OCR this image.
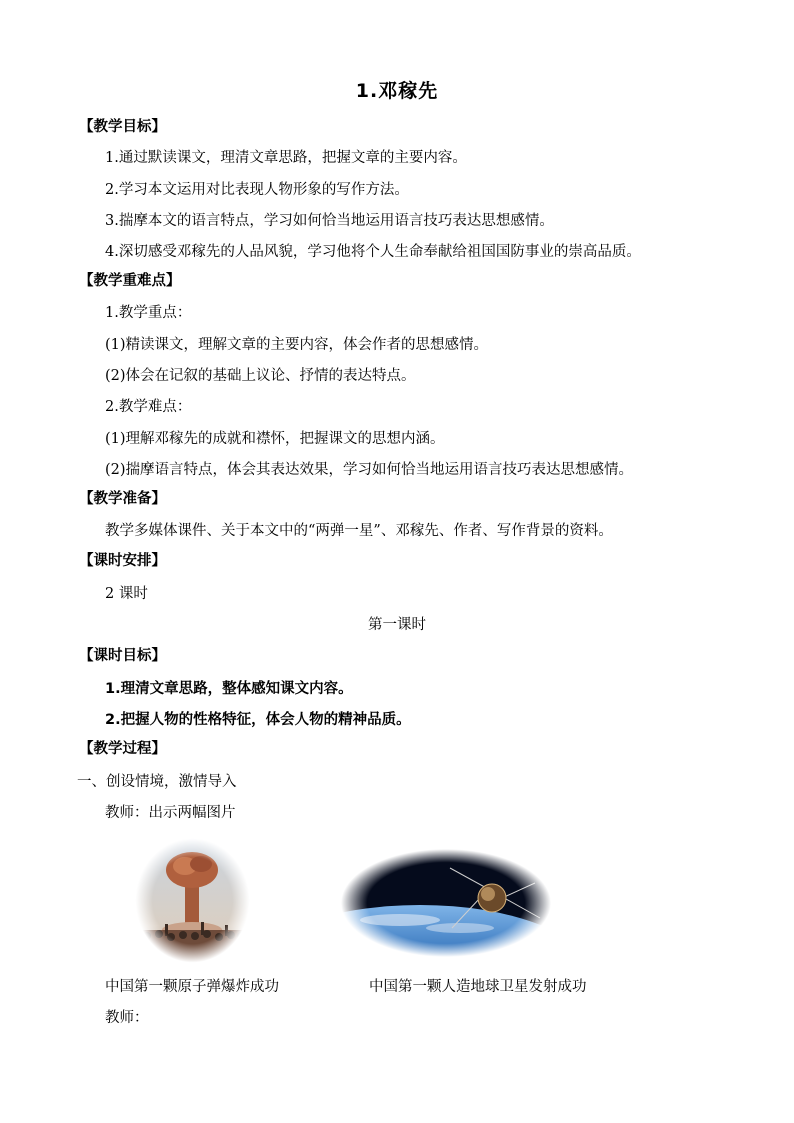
1.邓稼先
【教学目标】
1.通过默读课文，理清文章思路，把握文章的主要内容。
2.学习本文运用对比表现人物形象的写作方法。
3.揣摩本文的语言特点，学习如何恰当地运用语言技巧表达思想感情。
4.深切感受邓稼先的人品风貌，学习他将个人生命奉献给祖国国防事业的崇高品质。
【教学重难点】
1.教学重点：
(1)精读课文，理解文章的主要内容，体会作者的思想感情。
(2)体会在记叙的基础上议论、抒情的表达特点。
2.教学难点：
(1)理解邓稼先的成就和襟怀，把握课文的思想内涵。
(2)揣摩语言特点，体会其表达效果，学习如何恰当地运用语言技巧表达思想感情。
【教学准备】
教学多媒体课件、关于本文中的“两弹一星”、邓稼先、作者、写作背景的资料。
【课时安排】
2 课时
第一课时
【课时目标】
1.理清文章思路，整体感知课文内容。
2.把握人物的性格特征，体会人物的精神品质。
【教学过程】
一、创设情境，激情导入
教师：出示两幅图片
中国第一颗原子弹爆炸成功	中国第一颗人造地球卫星发射成功
教师：
